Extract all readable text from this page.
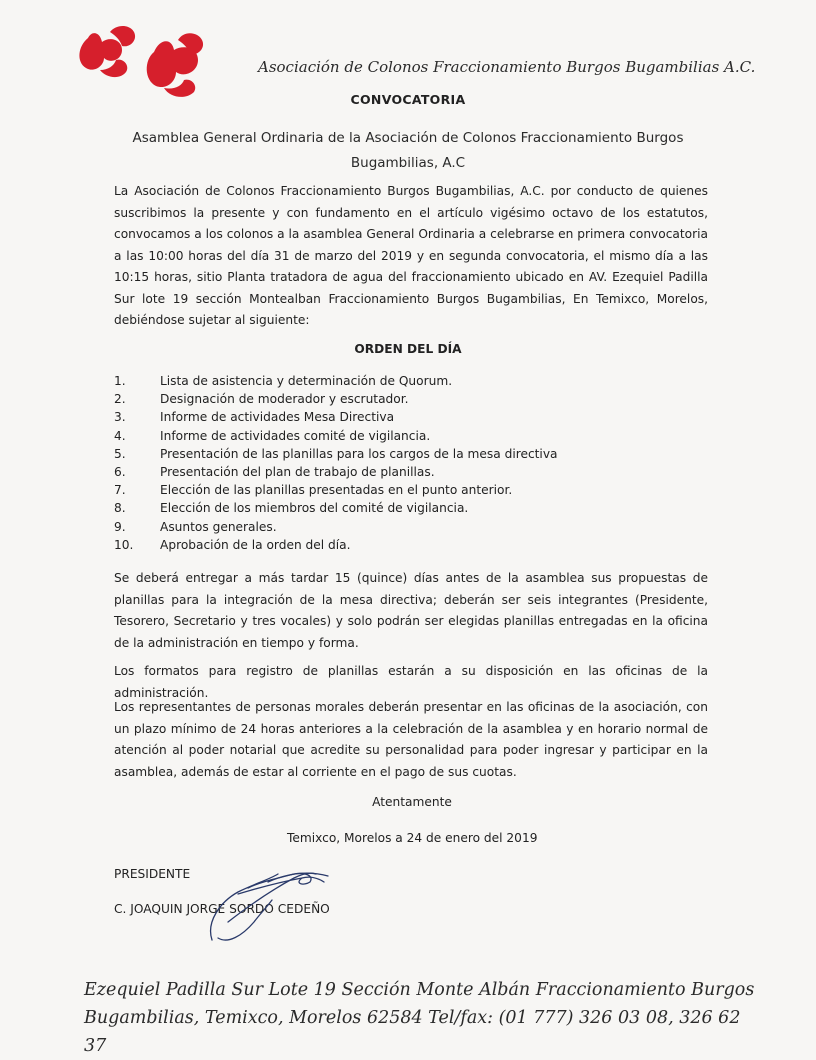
Asociación de Colonos Fraccionamiento Burgos Bugambilias A.C.
CONVOCATORIA
Asamblea General Ordinaria de la Asociación de Colonos Fraccionamiento Burgos
Bugambilias, A.C
La Asociación de Colonos Fraccionamiento Burgos Bugambilias, A.C. por conducto de quienes suscribimos la presente y con fundamento en el artículo vigésimo octavo de los estatutos, convocamos a los colonos a la asamblea General Ordinaria a celebrarse en primera convocatoria a las 10:00 horas del día 31 de marzo del 2019 y en segunda convocatoria, el mismo día a las 10:15 horas, sitio Planta tratadora de agua del fraccionamiento ubicado en AV. Ezequiel Padilla Sur lote 19 sección Montealban Fraccionamiento Burgos Bugambilias, En Temixco, Morelos, debiéndose sujetar al siguiente:
ORDEN DEL DÍA
1.	Lista de asistencia y determinación de Quorum.
2.	Designación de moderador y escrutador.
3.	Informe de actividades Mesa Directiva
4.	Informe de actividades comité de vigilancia.
5.	Presentación de las planillas para los cargos de la mesa directiva
6.	Presentación del plan de trabajo de planillas.
7.	Elección de las planillas presentadas en el punto anterior.
8.	Elección de los miembros del comité de vigilancia.
9.	Asuntos generales.
10.	Aprobación de la orden del día.
Se deberá entregar a más tardar 15 (quince) días antes de la asamblea sus propuestas de planillas para la integración de la mesa directiva; deberán ser seis integrantes (Presidente, Tesorero, Secretario y tres vocales) y solo podrán ser elegidas planillas entregadas en la oficina de la administración en tiempo y forma.
Los formatos para registro de planillas estarán a su disposición en las oficinas de la administración.
Los representantes de personas morales deberán presentar en las oficinas de la asociación, con un plazo mínimo de 24 horas anteriores a la celebración de la asamblea y en horario normal de atención al poder notarial que acredite su personalidad para poder ingresar y participar en la asamblea, además de estar al corriente en el pago de sus cuotas.
Atentamente
Temixco, Morelos a 24 de enero del 2019
PRESIDENTE
C. JOAQUIN JORGE SORDO CEDEÑO
Ezequiel Padilla Sur Lote 19 Sección Monte Albán Fraccionamiento Burgos
Bugambilias, Temixco, Morelos 62584 Tel/fax: (01 777) 326 03 08, 326 62 37
